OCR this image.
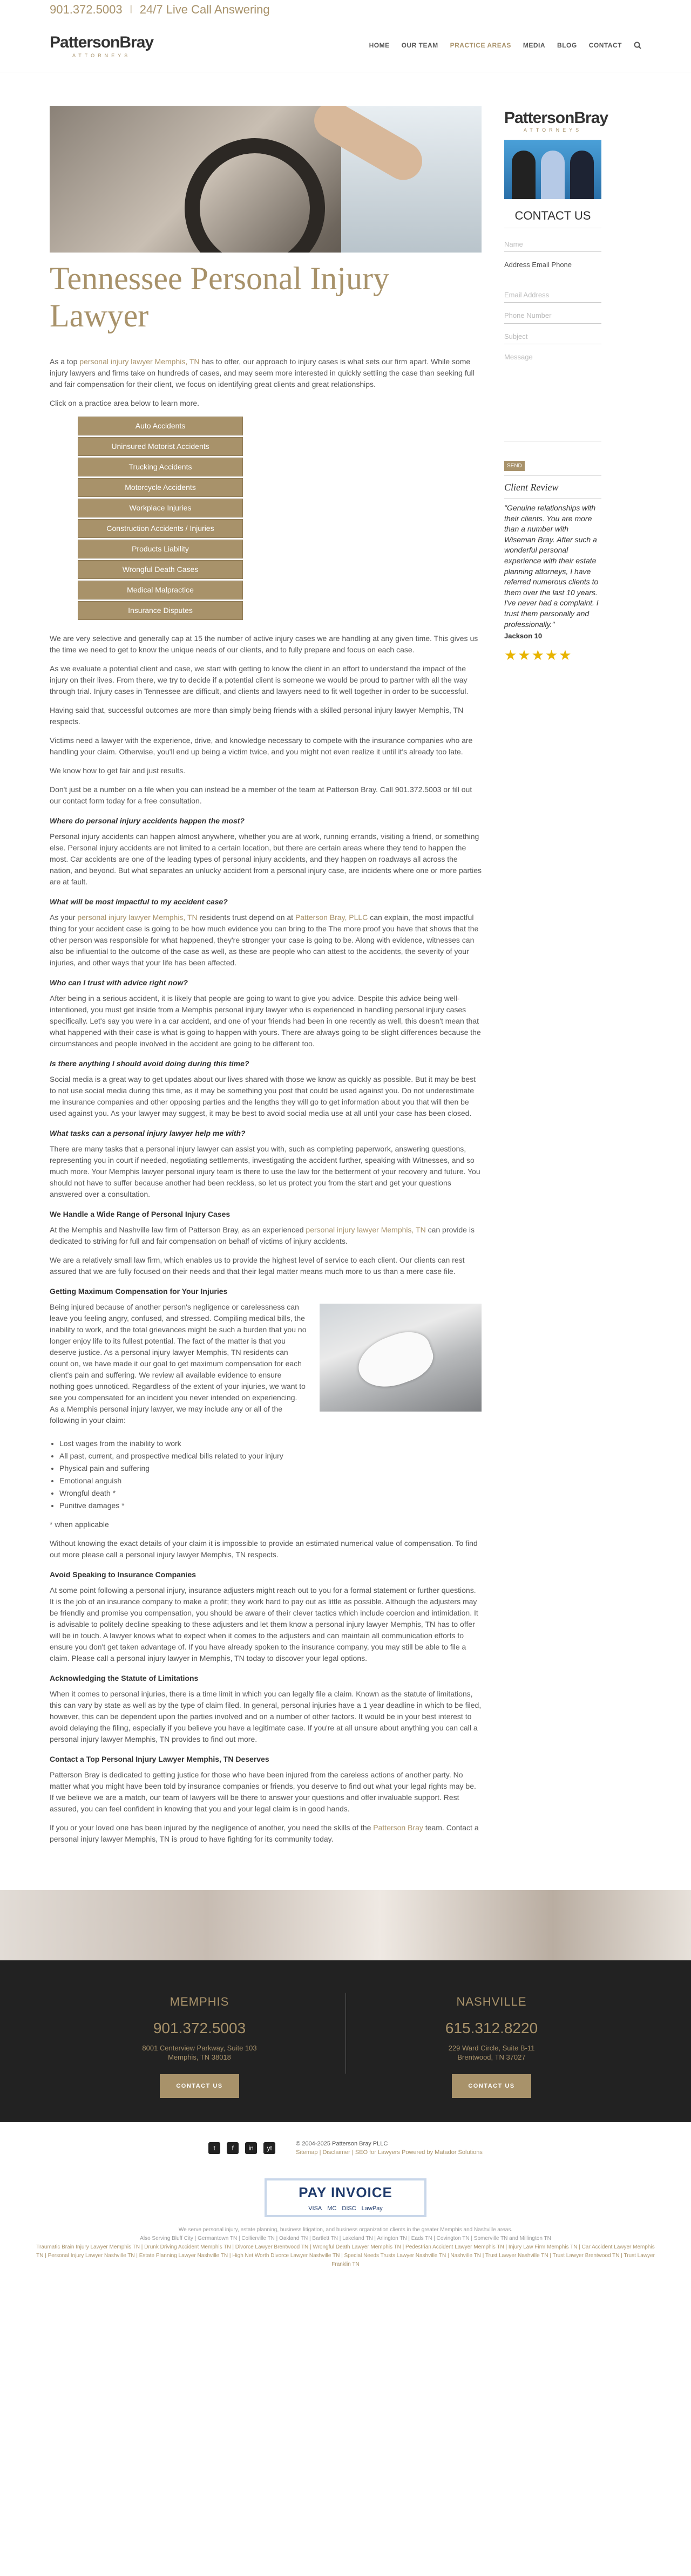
901.372.5003 | 24/7 Live Call Answering
PattersonBray
ATTORNEYS
HOME OUR TEAM PRACTICE AREAS MEDIA BLOG CONTACT
Tennessee Personal Injury Lawyer

As a top personal injury lawyer Memphis, TN has to offer, our approach to injury cases is what sets our firm apart. While some injury lawyers and firms take on hundreds of cases, and may seem more interested in quickly settling the case than seeking full and fair compensation for their client, we focus on identifying great clients and great relationships.

Click on a practice area below to learn more.

Auto Accidents
Uninsured Motorist Accidents
Trucking Accidents
Motorcycle Accidents
Workplace Injuries
Construction Accidents / Injuries
Products Liability
Wrongful Death Cases
Medical Malpractice
Insurance Disputes

We are very selective and generally cap at 15 the number of active injury cases we are handling at any given time. This gives us the time we need to get to know the unique needs of our clients, and to fully prepare and focus on each case.

As we evaluate a potential client and case, we start with getting to know the client in an effort to understand the impact of the injury on their lives. From there, we try to decide if a potential client is someone we would be proud to partner with all the way through trial. Injury cases in Tennessee are difficult, and clients and lawyers need to fit well together in order to be successful.

Having said that, successful outcomes are more than simply being friends with a skilled personal injury lawyer Memphis, TN respects.

Victims need a lawyer with the experience, drive, and knowledge necessary to compete with the insurance companies who are handling your claim. Otherwise, you'll end up being a victim twice, and you might not even realize it until it's already too late.

We know how to get fair and just results.

Don't just be a number on a file when you can instead be a member of the team at Patterson Bray. Call 901.372.5003 or fill out our contact form today for a free consultation.

Where do personal injury accidents happen the most?

Personal injury accidents can happen almost anywhere, whether you are at work, running errands, visiting a friend, or something else. Personal injury accidents are not limited to a certain location, but there are certain areas where they tend to happen the most. Car accidents are one of the leading types of personal injury accidents, and they happen on roadways all across the nation, and beyond. But what separates an unlucky accident from a personal injury case, are incidents where one or more parties are at fault.

What will be most impactful to my accident case?

As your personal injury lawyer Memphis, TN residents trust depend on at Patterson Bray, PLLC can explain, the most impactful thing for your accident case is going to be how much evidence you can bring to the The more proof you have that shows that the other person was responsible for what happened, they're stronger your case is going to be. Along with evidence, witnesses can also be influential to the outcome of the case as well, as these are people who can attest to the accidents, the severity of your injuries, and other ways that your life has been affected.

Who can I trust with advice right now?

After being in a serious accident, it is likely that people are going to want to give you advice. Despite this advice being well-intentioned, you must get inside from a Memphis personal injury lawyer who is experienced in handling personal injury cases specifically. Let's say you were in a car accident, and one of your friends had been in one recently as well, this doesn't mean that what happened with their case is what is going to happen with yours. There are always going to be slight differences because the circumstances and people involved in the accident are going to be different too.

Is there anything I should avoid doing during this time?

Social media is a great way to get updates about our lives shared with those we know as quickly as possible. But it may be best to not use social media during this time, as it may be something you post that could be used against you. Do not underestimate me insurance companies and other opposing parties and the lengths they will go to get information about you that will then be used against you. As your lawyer may suggest, it may be best to avoid social media use at all until your case has been closed.

What tasks can a personal injury lawyer help me with?

There are many tasks that a personal injury lawyer can assist you with, such as completing paperwork, answering questions, representing you in court if needed, negotiating settlements, investigating the accident further, speaking with Witnesses, and so much more. Your Memphis lawyer personal injury team is there to use the law for the betterment of your recovery and future. You should not have to suffer because another had been reckless, so let us protect you from the start and get your questions answered over a consultation.

We Handle a Wide Range of Personal Injury Cases

At the Memphis and Nashville law firm of Patterson Bray, as an experienced personal injury lawyer Memphis, TN can provide is dedicated to striving for full and fair compensation on behalf of victims of injury accidents.

We are a relatively small law firm, which enables us to provide the highest level of service to each client. Our clients can rest assured that we are fully focused on their needs and that their legal matter means much more to us than a mere case file.

Getting Maximum Compensation for Your Injuries

Being injured because of another person's negligence or carelessness can leave you feeling angry, confused, and stressed. Compiling medical bills, the inability to work, and the total grievances might be such a burden that you no longer enjoy life to its fullest potential. The fact of the matter is that you deserve justice. As a personal injury lawyer Memphis, TN residents can count on, we have made it our goal to get maximum compensation for each client's pain and suffering. We review all available evidence to ensure nothing goes unnoticed. Regardless of the extent of your injuries, we want to see you compensated for an incident you never intended on experiencing. As a Memphis personal injury lawyer, we may include any or all of the following in your claim:

• Lost wages from the inability to work
• All past, current, and prospective medical bills related to your injury
• Physical pain and suffering
• Emotional anguish
• Wrongful death *
• Punitive damages *

* when applicable

Without knowing the exact details of your claim it is impossible to provide an estimated numerical value of compensation. To find out more please call a personal injury lawyer Memphis, TN respects.

Avoid Speaking to Insurance Companies

At some point following a personal injury, insurance adjusters might reach out to you for a formal statement or further questions. It is the job of an insurance company to make a profit; they work hard to pay out as little as possible. Although the adjusters may be friendly and promise you compensation, you should be aware of their clever tactics which include coercion and intimidation. It is advisable to politely decline speaking to these adjusters and let them know a personal injury lawyer Memphis, TN has to offer will be in touch. A lawyer knows what to expect when it comes to the adjusters and can maintain all communication efforts to ensure you don't get taken advantage of. If you have already spoken to the insurance company, you may still be able to file a claim. Please call a personal injury lawyer in Memphis, TN today to discover your legal options.

Acknowledging the Statute of Limitations

When it comes to personal injuries, there is a time limit in which you can legally file a claim. Known as the statute of limitations, this can vary by state as well as by the type of claim filed. In general, personal injuries have a 1 year deadline in which to be filed, however, this can be dependent upon the parties involved and on a number of other factors. It would be in your best interest to avoid delaying the filing, especially if you believe you have a legitimate case. If you're at all unsure about anything you can call a personal injury lawyer Memphis, TN provides to find out more.

Contact a Top Personal Injury Lawyer Memphis, TN Deserves

Patterson Bray is dedicated to getting justice for those who have been injured from the careless actions of another party. No matter what you might have been told by insurance companies or friends, you deserve to find out what your legal rights may be. If we believe we are a match, our team of lawyers will be there to answer your questions and offer invaluable support. Rest assured, you can feel confident in knowing that you and your legal claim is in good hands.

If you or your loved one has been injured by the negligence of another, you need the skills of the Patterson Bray team. Contact a personal injury lawyer Memphis, TN is proud to have fighting for its community today.

PattersonBray
ATTORNEYS
CONTACT US
Name
Address Email Phone
Email Address
Phone Number
Subject
Message
SEND
Client Review
"Genuine relationships with their clients. You are more than a number with Wiseman Bray. After such a wonderful personal experience with their estate planning attorneys, I have referred numerous clients to them over the last 10 years. I've never had a complaint. I trust them personally and professionally."
Jackson 10
★★★★★
MEMPHIS
901.372.5003
8001 Centerview Parkway, Suite 103
Memphis, TN 38018
CONTACT US
NASHVILLE
615.312.8220
229 Ward Circle, Suite B-11
Brentwood, TN 37027
CONTACT US
t	f	in	yt
© 2004-2025 Patterson Bray PLLC
Sitemap | Disclaimer | SEO for Lawyers Powered by Matador Solutions
PAY INVOICE
VISA MC DISC LawPay
We serve personal injury, estate planning, business litigation, and business organization clients in the greater Memphis and Nashville areas.
Also Serving Bluff City | Germantown TN | Collierville TN | Oakland TN | Bartlett TN | Lakeland TN | Arlington TN | Eads TN | Covington TN | Somerville TN and Millington TN
Traumatic Brain Injury Lawyer Memphis TN | Drunk Driving Accident Memphis TN | Divorce Lawyer Brentwood TN | Wrongful Death Lawyer Memphis TN | Pedestrian Accident Lawyer Memphis TN | Injury Law Firm Memphis TN | Car Accident Lawyer Memphis TN | Personal Injury Lawyer Nashville TN | Estate Planning Lawyer Nashville TN | High Net Worth Divorce Lawyer Nashville TN | Special Needs Trusts Lawyer Nashville TN | Nashville TN | Trust Lawyer Nashville TN | Trust Lawyer Brentwood TN | Trust Lawyer Franklin TN
